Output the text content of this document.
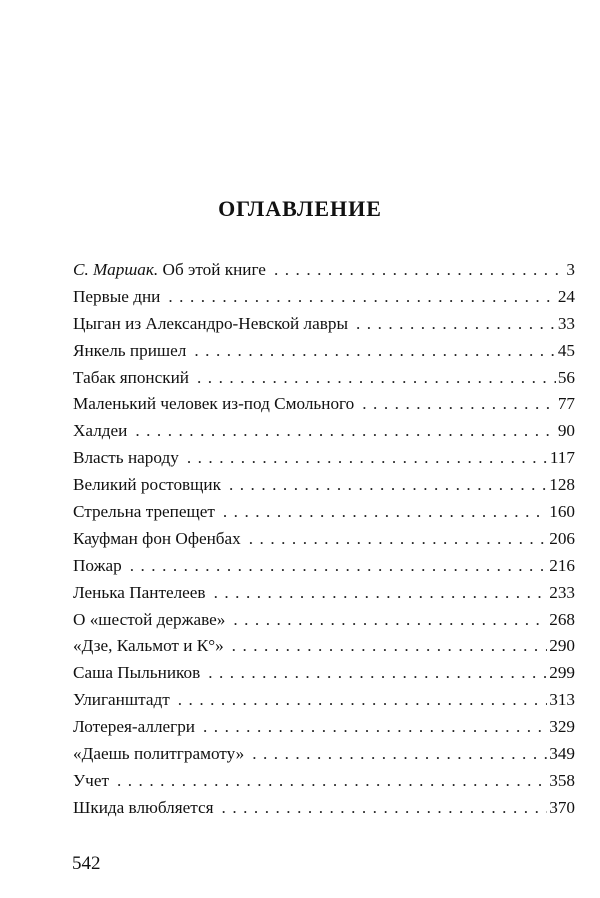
ОГЛАВЛЕНИЕ
С. Маршак. Об этой книге . . .	3
Первые дни . . .	24
Цыган из Александро-Невской лавры . . .	33
Янкель пришел . . .	45
Табак японский . . .	56
Маленький человек из-под Смольного . . .	77
Халдеи . . .	90
Власть народу . . .	117
Великий ростовщик . . .	128
Стрельна трепещет . . .	160
Кауфман фон Офенбах . . .	206
Пожар . . .	216
Ленька Пантелеев . . .	233
О «шестой державе» . . .	268
«Дзе, Кальмот и К°» . . .	290
Саша Пыльников . . .	299
Улиганштадт . . .	313
Лотерея-аллегри . . .	329
«Даешь политграмоту» . . .	349
Учет . . .	358
Шкида влюбляется . . .	370

542
